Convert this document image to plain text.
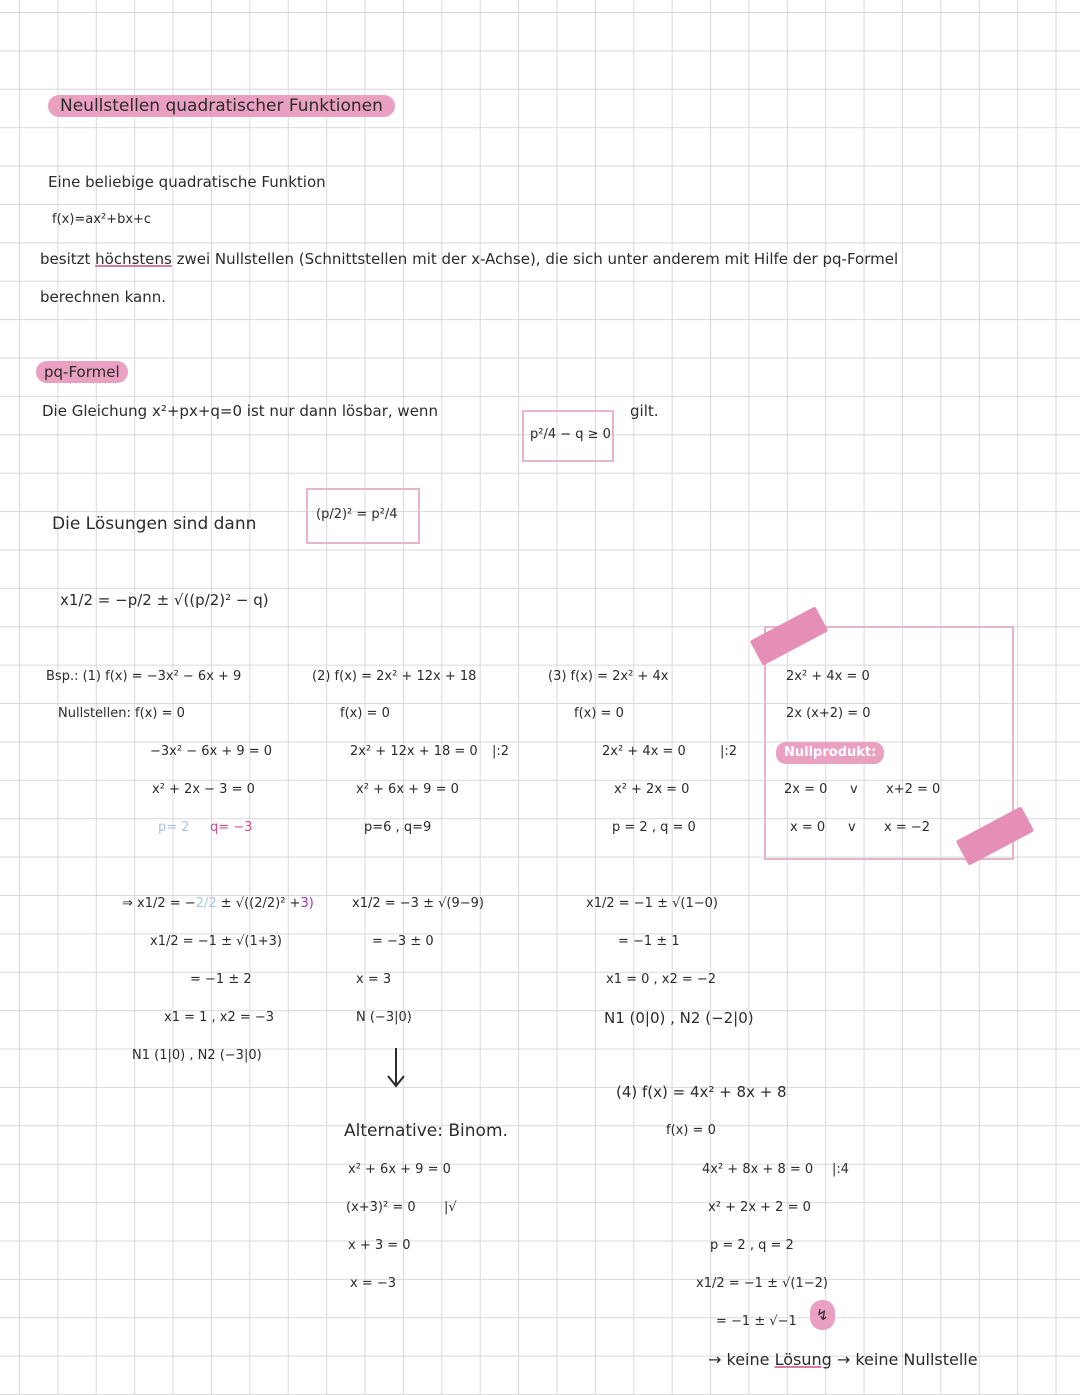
Neullstellen quadratischer Funktionen
Eine beliebige quadratische Funktion
f(x)=ax²+bx+c
besitzt höchstens zwei Nullstellen (Schnittstellen mit der x-Achse), die sich unter anderem mit Hilfe der pq-Formel
berechnen kann.
pq-Formel
Die Gleichung x²+px+q=0 ist nur dann lösbar, wenn
p²/4 − q ≥ 0
gilt.
Die Lösungen sind dann	(p/2)² = p²/4
x1/2 = −p/2 ± √((p/2)² − q)
Bsp.: (1) f(x) = −3x² − 6x + 9
Nullstellen: f(x) = 0
−3x² − 6x + 9 = 0
x² + 2x − 3 = 0
p= 2 q= −3
⇒ x1/2 = −2/2 ± √((2/2)² +3)
x1/2 = −1 ± √(1+3)
= −1 ± 2
x1 = 1 , x2 = −3
N1 (1|0) , N2 (−3|0)
(2) f(x) = 2x² + 12x + 18
f(x) = 0
2x² + 12x + 18 = 0 |:2
x² + 6x + 9 = 0
p=6 , q=9
x1/2 = −3 ± √(9−9)
= −3 ± 0
x = 3
N (−3|0)
Alternative: Binom.
x² + 6x + 9 = 0
(x+3)² = 0 |√
x + 3 = 0
x = −3
(3) f(x) = 2x² + 4x
f(x) = 0
2x² + 4x = 0	|:2
x² + 2x = 0
p = 2 , q = 0
x1/2 = −1 ± √(1−0)
= −1 ± 1
x1 = 0 , x2 = −2
N1 (0|0) , N2 (−2|0)
2x² + 4x = 0
2x (x+2) = 0
Nullprodukt:
2x = 0 v x+2 = 0
x = 0 v x = −2
(4) f(x) = 4x² + 8x + 8
f(x) = 0
4x² + 8x + 8 = 0 |:4
x² + 2x + 2 = 0
p = 2 , q = 2
x1/2 = −1 ± √(1−2)
= −1 ± √−1	↯
→ keine Lösung → keine Nullstelle
